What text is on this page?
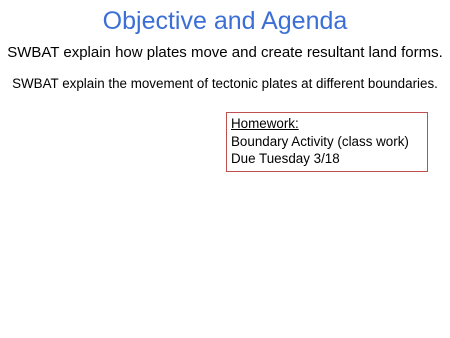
Objective and Agenda
SWBAT explain how plates move and create resultant land forms.
SWBAT explain the movement of tectonic plates at different boundaries.
Homework:
Boundary Activity (class work)
Due Tuesday 3/18
